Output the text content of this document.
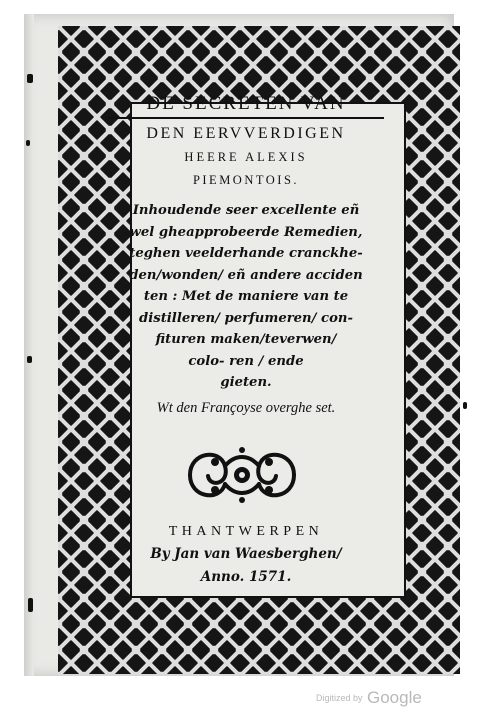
DE SECRETEN VAN

DEN EERVVERDIGEN

HEERE ALEXIS

PIEMONTOIS.

Inhoudende seer excellente eñ
wel gheapprobeerde Remedien,
teghen veelderhande cranckhe-
den/wonden/ eñ andere acciden
ten : Met de maniere van te
distilleren/ perfumeren/ con-
fituren maken/teverwen/
colo- ren / ende
gieten.

Wt den Françoyse overghe set.

THANTWERPEN

By Jan van Waesberghen/

Anno. 1571.

Digitized by Google
